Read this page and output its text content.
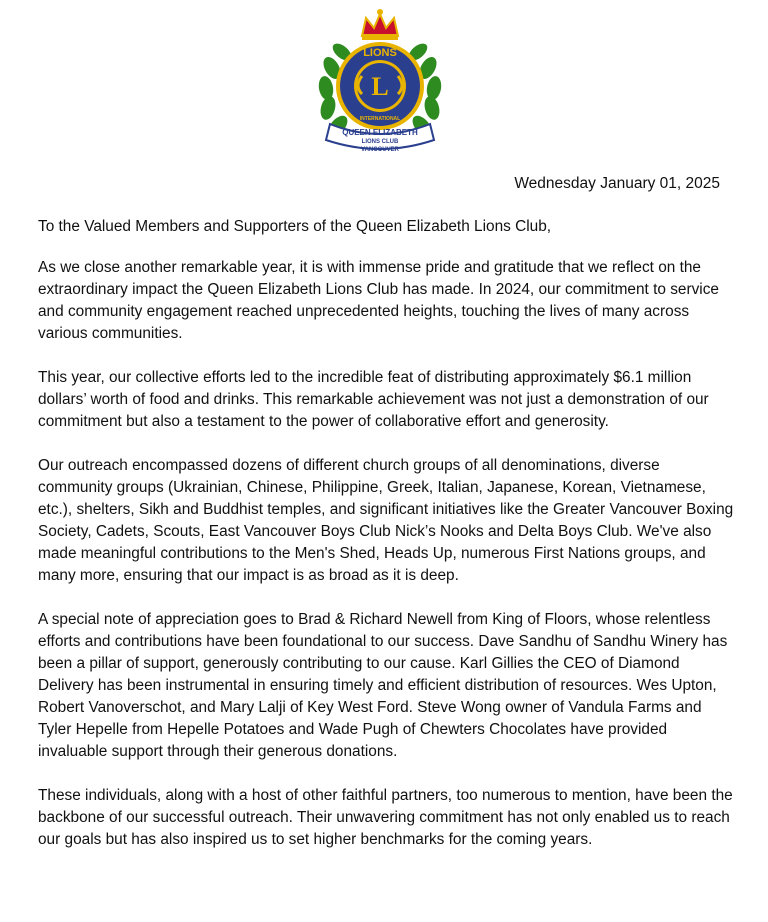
L
LIONS
INTERNATIONAL
QUEEN ELIZABETH
LIONS CLUB
VANCOUVER
Wednesday January 01, 2025

To the Valued Members and Supporters of the Queen Elizabeth Lions Club,

As we close another remarkable year, it is with immense pride and gratitude that we reflect on the extraordinary impact the Queen Elizabeth Lions Club has made. In 2024, our commitment to service and community engagement reached unprecedented heights, touching the lives of many across various communities.

This year, our collective efforts led to the incredible feat of distributing approximately $6.1 million dollars’ worth of food and drinks. This remarkable achievement was not just a demonstration of our commitment but also a testament to the power of collaborative effort and generosity.

Our outreach encompassed dozens of different church groups of all denominations, diverse community groups (Ukrainian, Chinese, Philippine, Greek, Italian, Japanese, Korean, Vietnamese, etc.), shelters, Sikh and Buddhist temples, and significant initiatives like the Greater Vancouver Boxing Society, Cadets, Scouts, East Vancouver Boys Club Nick’s Nooks and Delta Boys Club. We've also made meaningful contributions to the Men's Shed, Heads Up, numerous First Nations groups, and many more, ensuring that our impact is as broad as it is deep.

A special note of appreciation goes to Brad & Richard Newell from King of Floors, whose relentless efforts and contributions have been foundational to our success. Dave Sandhu of Sandhu Winery has been a pillar of support, generously contributing to our cause. Karl Gillies the CEO of Diamond Delivery has been instrumental in ensuring timely and efficient distribution of resources. Wes Upton, Robert Vanoverschot, and Mary Lalji of Key West Ford. Steve Wong owner of Vandula Farms and Tyler Hepelle from Hepelle Potatoes and Wade Pugh of Chewters Chocolates have provided invaluable support through their generous donations.

These individuals, along with a host of other faithful partners, too numerous to mention, have been the backbone of our successful outreach. Their unwavering commitment has not only enabled us to reach our goals but has also inspired us to set higher benchmarks for the coming years.
